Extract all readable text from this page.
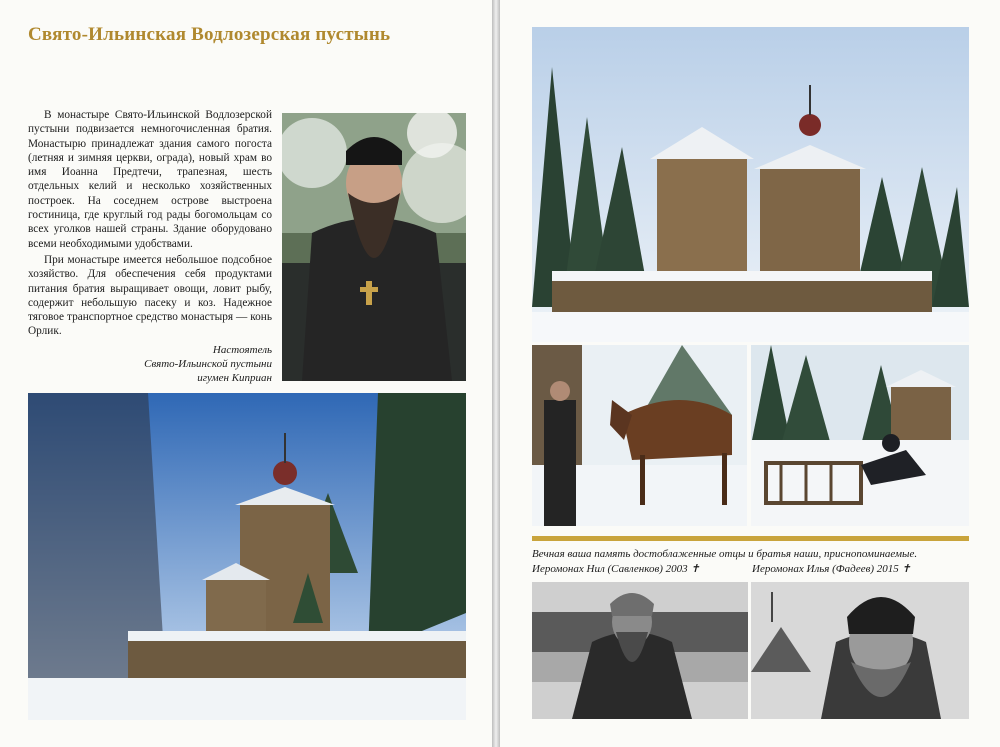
Свято-Ильинская Водлозерская пустынь

В монастыре Свято-Ильинской Водлозерской пустыни подвизается немногочисленная братия. Монастырю принадлежат здания самого погоста (летняя и зимняя церкви, ограда), новый храм во имя Иоанна Предтечи, трапезная, шесть отдельных келий и несколько хозяйственных построек. На соседнем острове выстроена гостиница, где круглый год рады богомольцам со всех уголков нашей страны. Здание оборудовано всеми необходимыми удобствами.

При монастыре имеется небольшое подсобное хозяйство. Для обеспечения себя продуктами питания братия выращивает овощи, ловит рыбу, содержит небольшую пасеку и коз. Надежное тяговое транспортное средство монастыря — конь Орлик.

Настоятель
Свято-Ильинской пустыни
игумен Киприан
Вечная ваша память достоблаженные отцы и братья наши, приснопоминаемые.
Иеромонах Нил (Савленков) 2003 ✝	Иеромонах Илья (Фадеев) 2015 ✝
